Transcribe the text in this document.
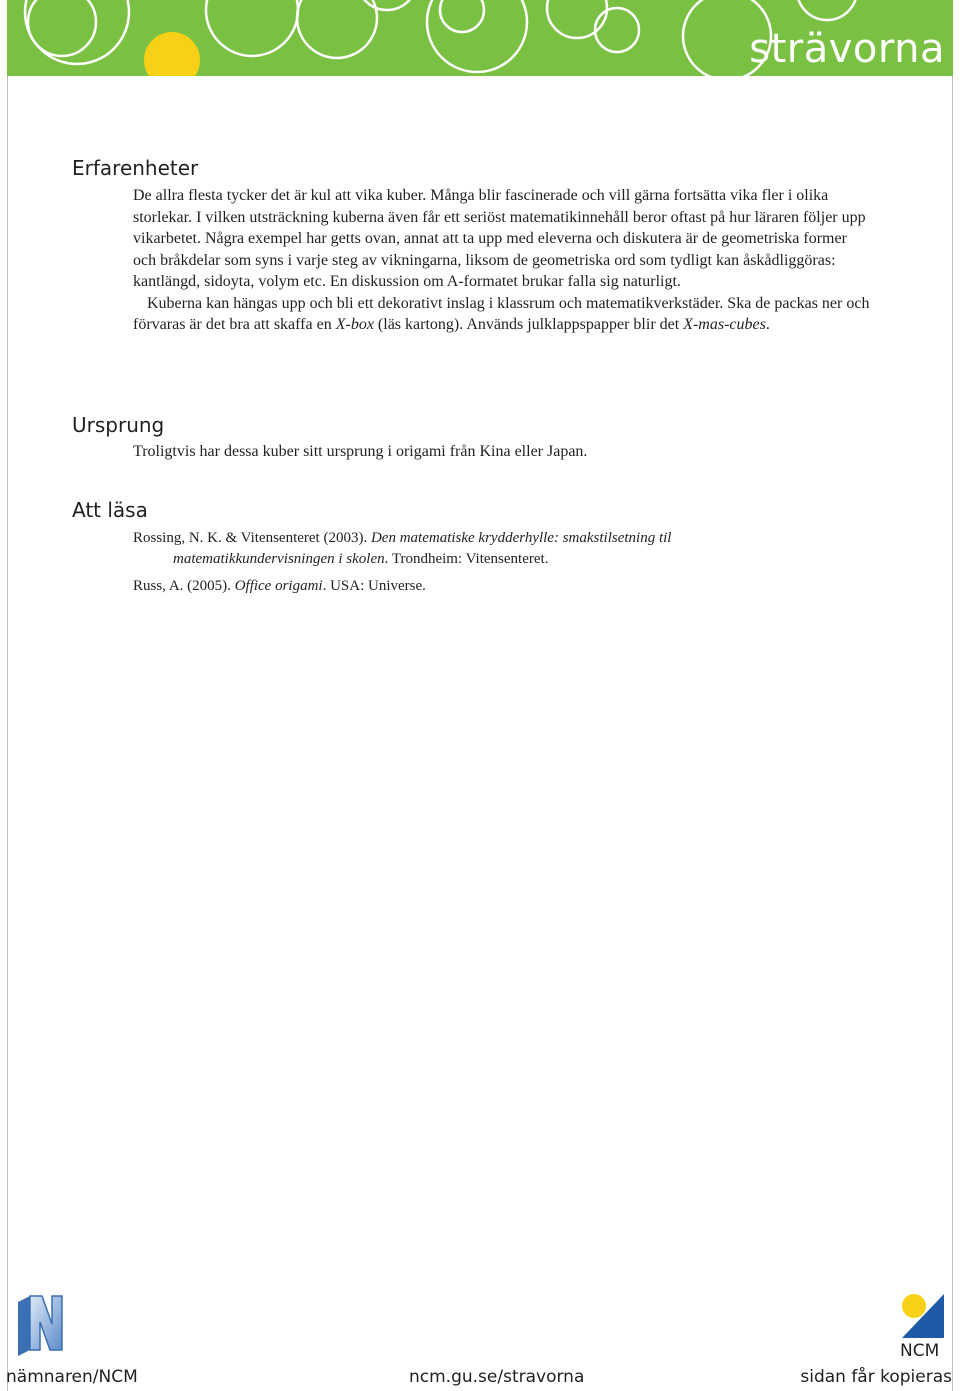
strävorna
Erfarenheter

De allra flesta tycker det är kul att vika kuber. Många blir fascinerade och vill gärna fortsätta vika fler i olika storlekar. I vilken utsträckning kuberna även får ett seriöst matematikinnehåll beror oftast på hur läraren följer upp vikarbetet. Några exempel har getts ovan, annat att ta upp med eleverna och diskutera är de geometriska former och bråkdelar som syns i varje steg av vikningarna, liksom de geometriska ord som tydligt kan åskådliggöras: kantlängd, sidoyta, volym etc. En diskussion om A-formatet brukar falla sig naturligt.

Kuberna kan hängas upp och bli ett dekorativt inslag i klassrum och matematikverkstäder. Ska de packas ner och förvaras är det bra att skaffa en X-box (läs kartong). Används julklappspapper blir det X-mas-cubes.

Ursprung

Troligtvis har dessa kuber sitt ursprung i origami från Kina eller Japan.

Att läsa
Rossing, N. K. & Vitensenteret (2003). Den matematiske krydderhylle: smakstilsetning til
matematikkundervisningen i skolen. Trondheim: Vitensenteret.
Russ, A. (2005). Office origami. USA: Universe.
N
NCM
nämnaren/NCM	ncm.gu.se/stravorna	sidan får kopieras
